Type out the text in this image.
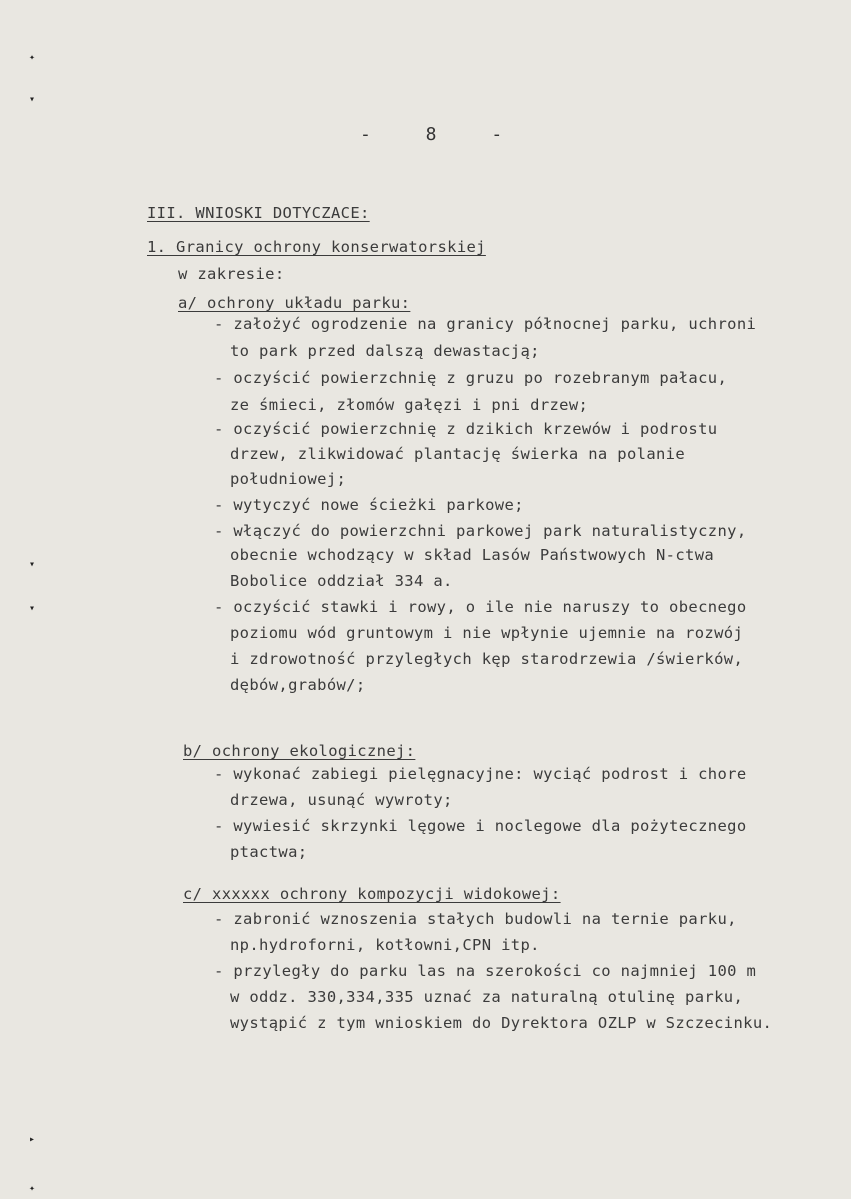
✦
▾
▾
▾
▸
✦
- 8 -
III. WNIOSKI DOTYCZACE:
1. Granicy ochrony konserwatorskiej
w zakresie:
a/ ochrony układu parku:
- założyć ogrodzenie na granicy północnej parku, uchroni
to park przed dalszą dewastacją;
- oczyścić powierzchnię z gruzu po rozebranym pałacu,
ze śmieci, złomów gałęzi i pni drzew;
- oczyścić powierzchnię z dzikich krzewów i podrostu
drzew, zlikwidować plantację świerka na polanie
południowej;
- wytyczyć nowe ścieżki parkowe;
- włączyć do powierzchni parkowej park naturalistyczny,
obecnie wchodzący w skład Lasów Państwowych N-ctwa
Bobolice oddział 334 a.
- oczyścić stawki i rowy, o ile nie naruszy to obecnego
poziomu wód gruntowym i nie wpłynie ujemnie na rozwój
i zdrowotność przyległych kęp starodrzewia /świerków,
dębów,grabów/;
b/ ochrony ekologicznej:
- wykonać zabiegi pielęgnacyjne: wyciąć podrost i chore
drzewa, usunąć wywroty;
- wywiesić skrzynki lęgowe i noclegowe dla pożytecznego
ptactwa;
c/ xxxxxx ochrony kompozycji widokowej:
- zabronić wznoszenia stałych budowli na ternie parku,
np.hydroforni, kotłowni,CPN itp.
- przyległy do parku las na szerokości co najmniej 100 m
w oddz. 330,334,335 uznać za naturalną otulinę parku,
wystąpić z tym wnioskiem do Dyrektora OZLP w Szczecinku.
